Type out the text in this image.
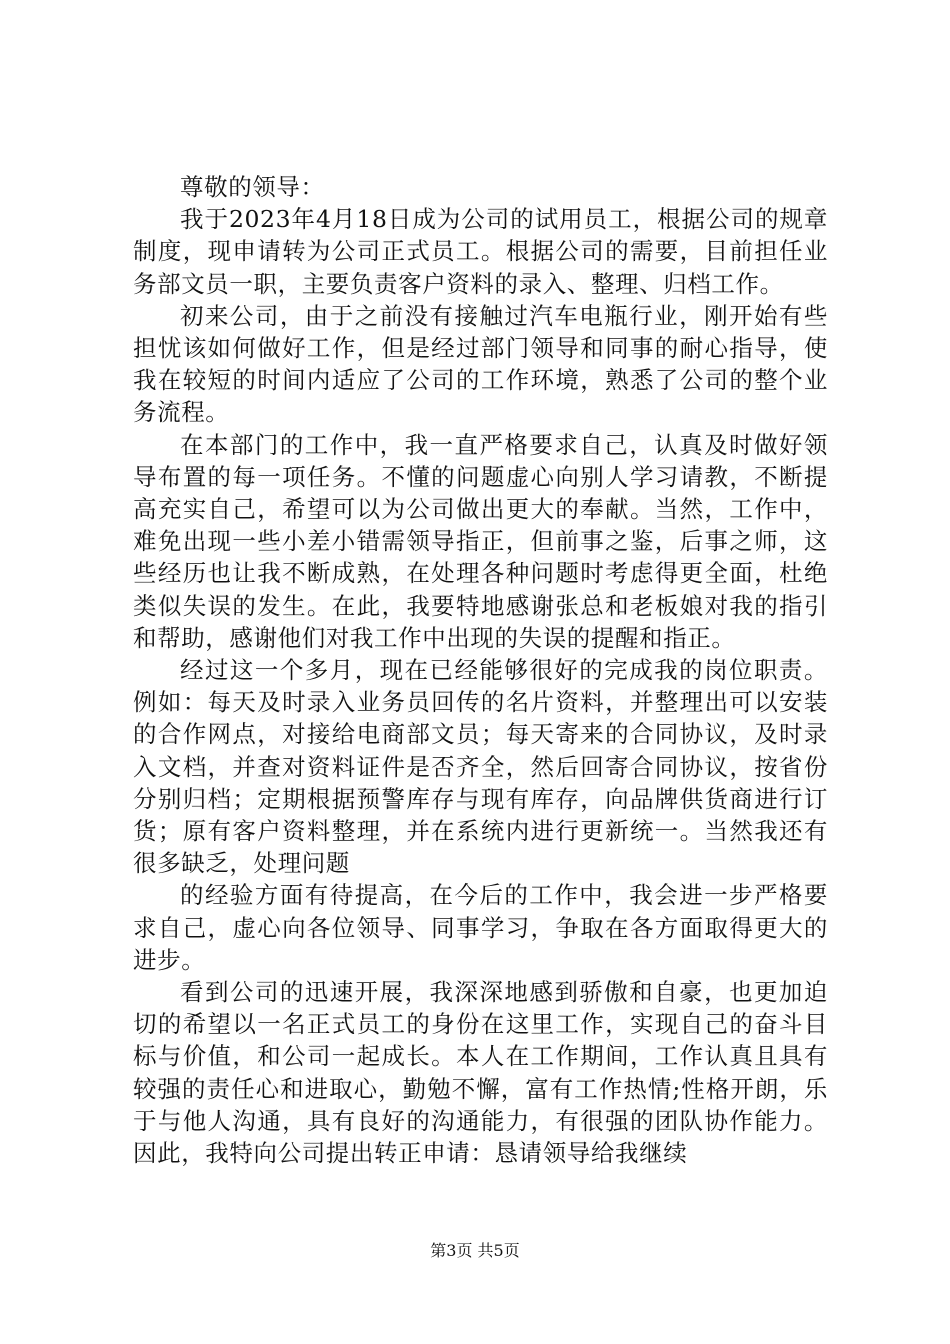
尊敬的领导：

我于2023年4月18日成为公司的试用员工，根据公司的规章制度，现申请转为公司正式员工。根据公司的需要，目前担任业务部文员一职，主要负责客户资料的录入、整理、归档工作。

初来公司，由于之前没有接触过汽车电瓶行业，刚开始有些担忧该如何做好工作，但是经过部门领导和同事的耐心指导，使我在较短的时间内适应了公司的工作环境，熟悉了公司的整个业务流程。

在本部门的工作中，我一直严格要求自己，认真及时做好领导布置的每一项任务。不懂的问题虚心向别人学习请教，不断提高充实自己，希望可以为公司做出更大的奉献。当然，工作中，难免出现一些小差小错需领导指正，但前事之鉴，后事之师，这些经历也让我不断成熟，在处理各种问题时考虑得更全面，杜绝类似失误的发生。在此，我要特地感谢张总和老板娘对我的指引和帮助，感谢他们对我工作中出现的失误的提醒和指正。

经过这一个多月，现在已经能够很好的完成我的岗位职责。例如：每天及时录入业务员回传的名片资料，并整理出可以安装的合作网点，对接给电商部文员；每天寄来的合同协议，及时录入文档，并查对资料证件是否齐全，然后回寄合同协议，按省份分别归档；定期根据预警库存与现有库存，向品牌供货商进行订货；原有客户资料整理，并在系统内进行更新统一。当然我还有很多缺乏，处理问题

的经验方面有待提高，在今后的工作中，我会进一步严格要求自己，虚心向各位领导、同事学习，争取在各方面取得更大的进步。

看到公司的迅速开展，我深深地感到骄傲和自豪，也更加迫切的希望以一名正式员工的身份在这里工作，实现自己的奋斗目标与价值，和公司一起成长。本人在工作期间，工作认真且具有较强的责任心和进取心，勤勉不懈，富有工作热情;性格开朗，乐于与他人沟通，具有良好的沟通能力，有很强的团队协作能力。因此，我特向公司提出转正申请：恳请领导给我继续

第3页 共5页
